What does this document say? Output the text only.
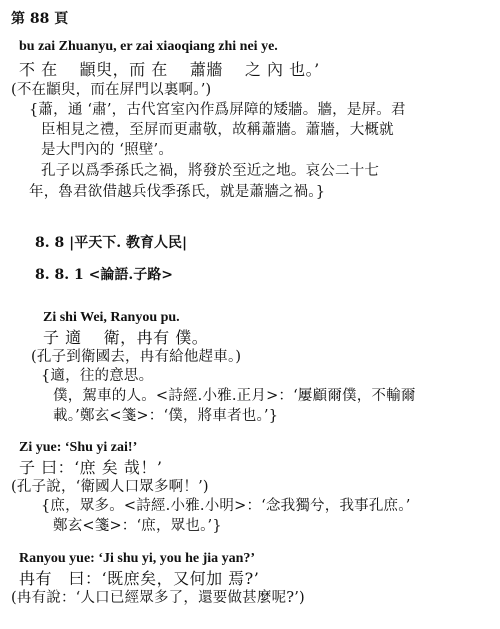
第 88 頁
bu zai Zhuanyu, er zai xiaoqiang zhi nei ye.
不 在　 顓臾，而 在 　蕭牆　 之 內 也。’
(不在顓臾，而在屏門以裏啊。’)
{蕭，通 ‘肅’，古代宮室內作爲屏障的矮牆。牆，是屏。君
臣相見之禮，至屏而更肅敬，故稱蕭牆。蕭牆，大概就
是大門內的 ‘照壁’。
孔子以爲季孫氏之禍，將發於至近之地。哀公二十七
年，魯君欲借越兵伐季孫氏，就是蕭牆之禍。}
8. 8 |平天下. 教育人民|
8. 8. 1 <論語.子路>
Zi shi Wei, Ranyou pu.
子 適　 衛，冉有 僕。
(孔子到衛國去，冉有給他趕車。)
{適，往的意思。
僕，駕車的人。<詩經.小雅.正月>：‘屢顧爾僕，不輸爾
載。’鄭玄<箋>：‘僕，將車者也。’}
Zi yue: ‘Shu yi zai!’
子 曰：‘庶 矣 哉！’
(孔子說，‘衛國人口眾多啊！’)
{庶，眾多。<詩經.小雅.小明>：‘念我獨兮，我事孔庶。’
鄭玄<箋>：‘庶，眾也。’}
Ranyou yue: ‘Ji shu yi, you he jia yan?’
冉有　曰：‘既庶矣，又何加 焉?’
(冉有說：‘人口已經眾多了，還要做甚麼呢?’)
